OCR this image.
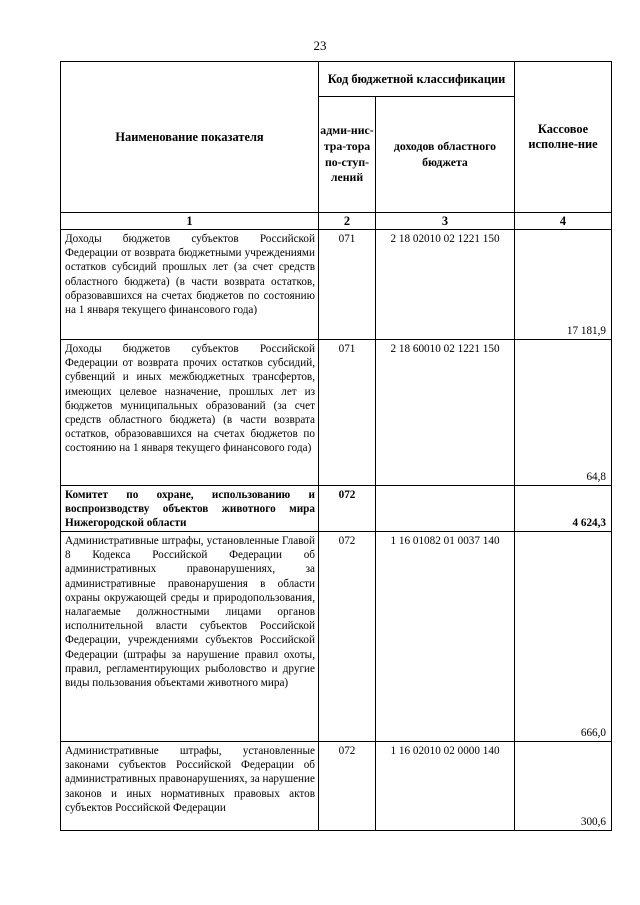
23
Наименование показателя	Код бюджетной классификации		Кассовое исполне-ние
	адми-нис-тра-тора по-ступ-лений	доходов областного бюджета	
1	2	3	4
Доходы бюджетов субъектов Российской Федерации от возврата бюджетными учреждениями остатков субсидий прошлых лет (за счет средств областного бюджета) (в части возврата остатков, образовавшихся на счетах бюджетов по состоянию на 1 января текущего финансового года)	071	2 18 02010 02 1221 150	17 181,9
Доходы бюджетов субъектов Российской Федерации от возврата прочих остатков субсидий, субвенций и иных межбюджетных трансфертов, имеющих целевое назначение, прошлых лет из бюджетов муниципальных образований (за счет средств областного бюджета) (в части возврата остатков, образовавшихся на счетах бюджетов по состоянию на 1 января текущего финансового года)	071	2 18 60010 02 1221 150	64,8
Комитет по охране, использованию и воспроизводству объектов животного мира Нижегородской области	072		4 624,3
Административные штрафы, установленные Главой 8 Кодекса Российской Федерации об административных правонарушениях, за административные правонарушения в области охраны окружающей среды и природопользования, налагаемые должностными лицами органов исполнительной власти субъектов Российской Федерации, учреждениями субъектов Российской Федерации (штрафы за нарушение правил охоты, правил, регламентирующих рыболовство и другие виды пользования объектами животного мира)	072	1 16 01082 01 0037 140	666,0
Административные штрафы, установленные законами субъектов Российской Федерации об административных правонарушениях, за нарушение законов и иных нормативных правовых актов субъектов Российской Федерации	072	1 16 02010 02 0000 140	300,6
